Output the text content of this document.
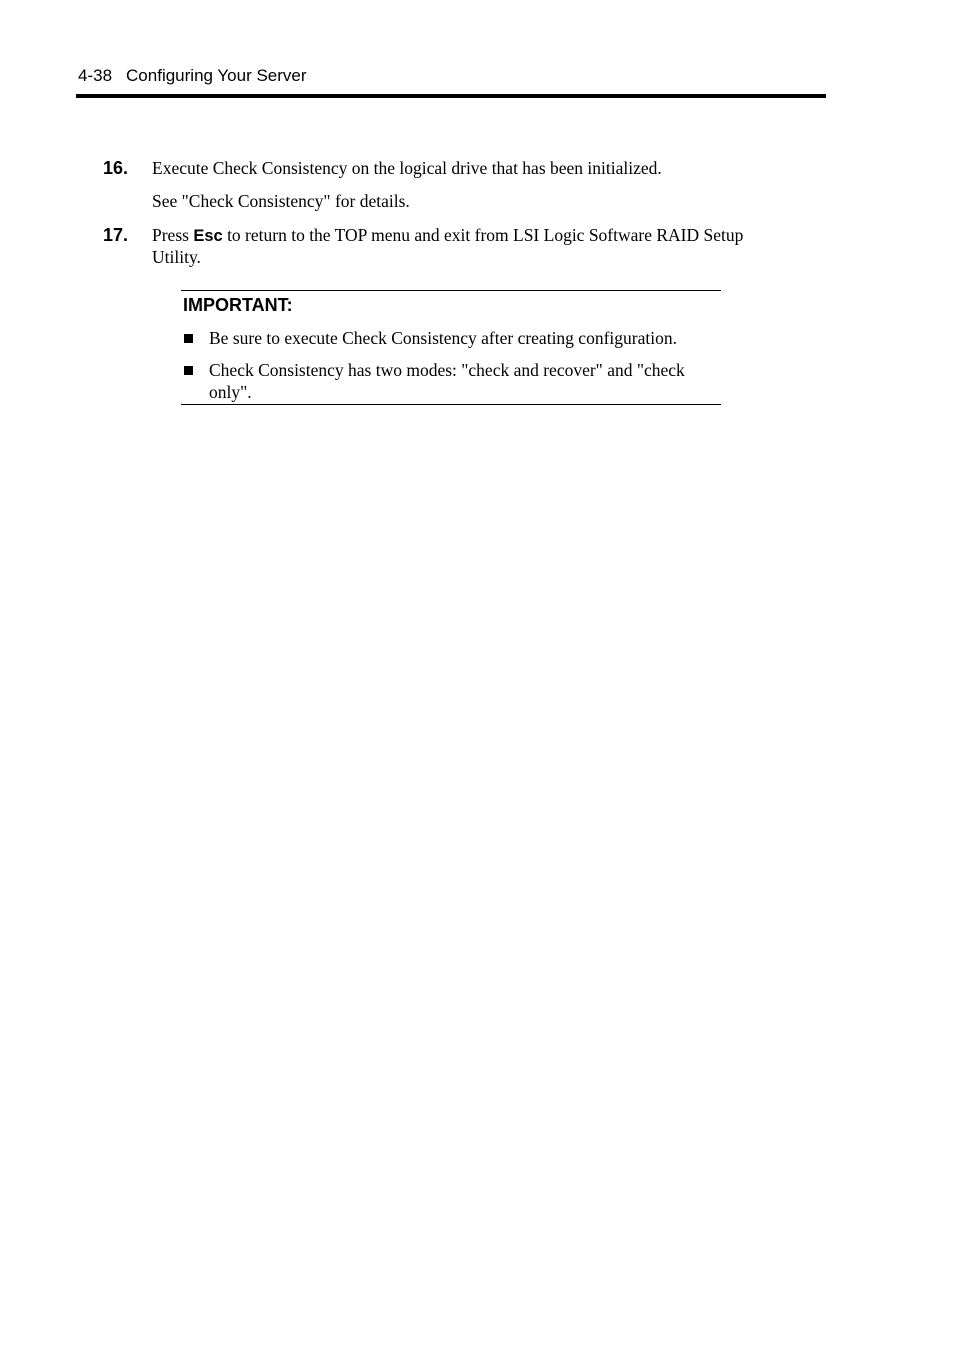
4-38 Configuring Your Server
16. Execute Check Consistency on the logical drive that has been initialized.
See "Check Consistency" for details.
17. Press Esc to return to the TOP menu and exit from LSI Logic Software RAID Setup Utility.
IMPORTANT:
Be sure to execute Check Consistency after creating configuration.
Check Consistency has two modes: "check and recover" and "check only".
